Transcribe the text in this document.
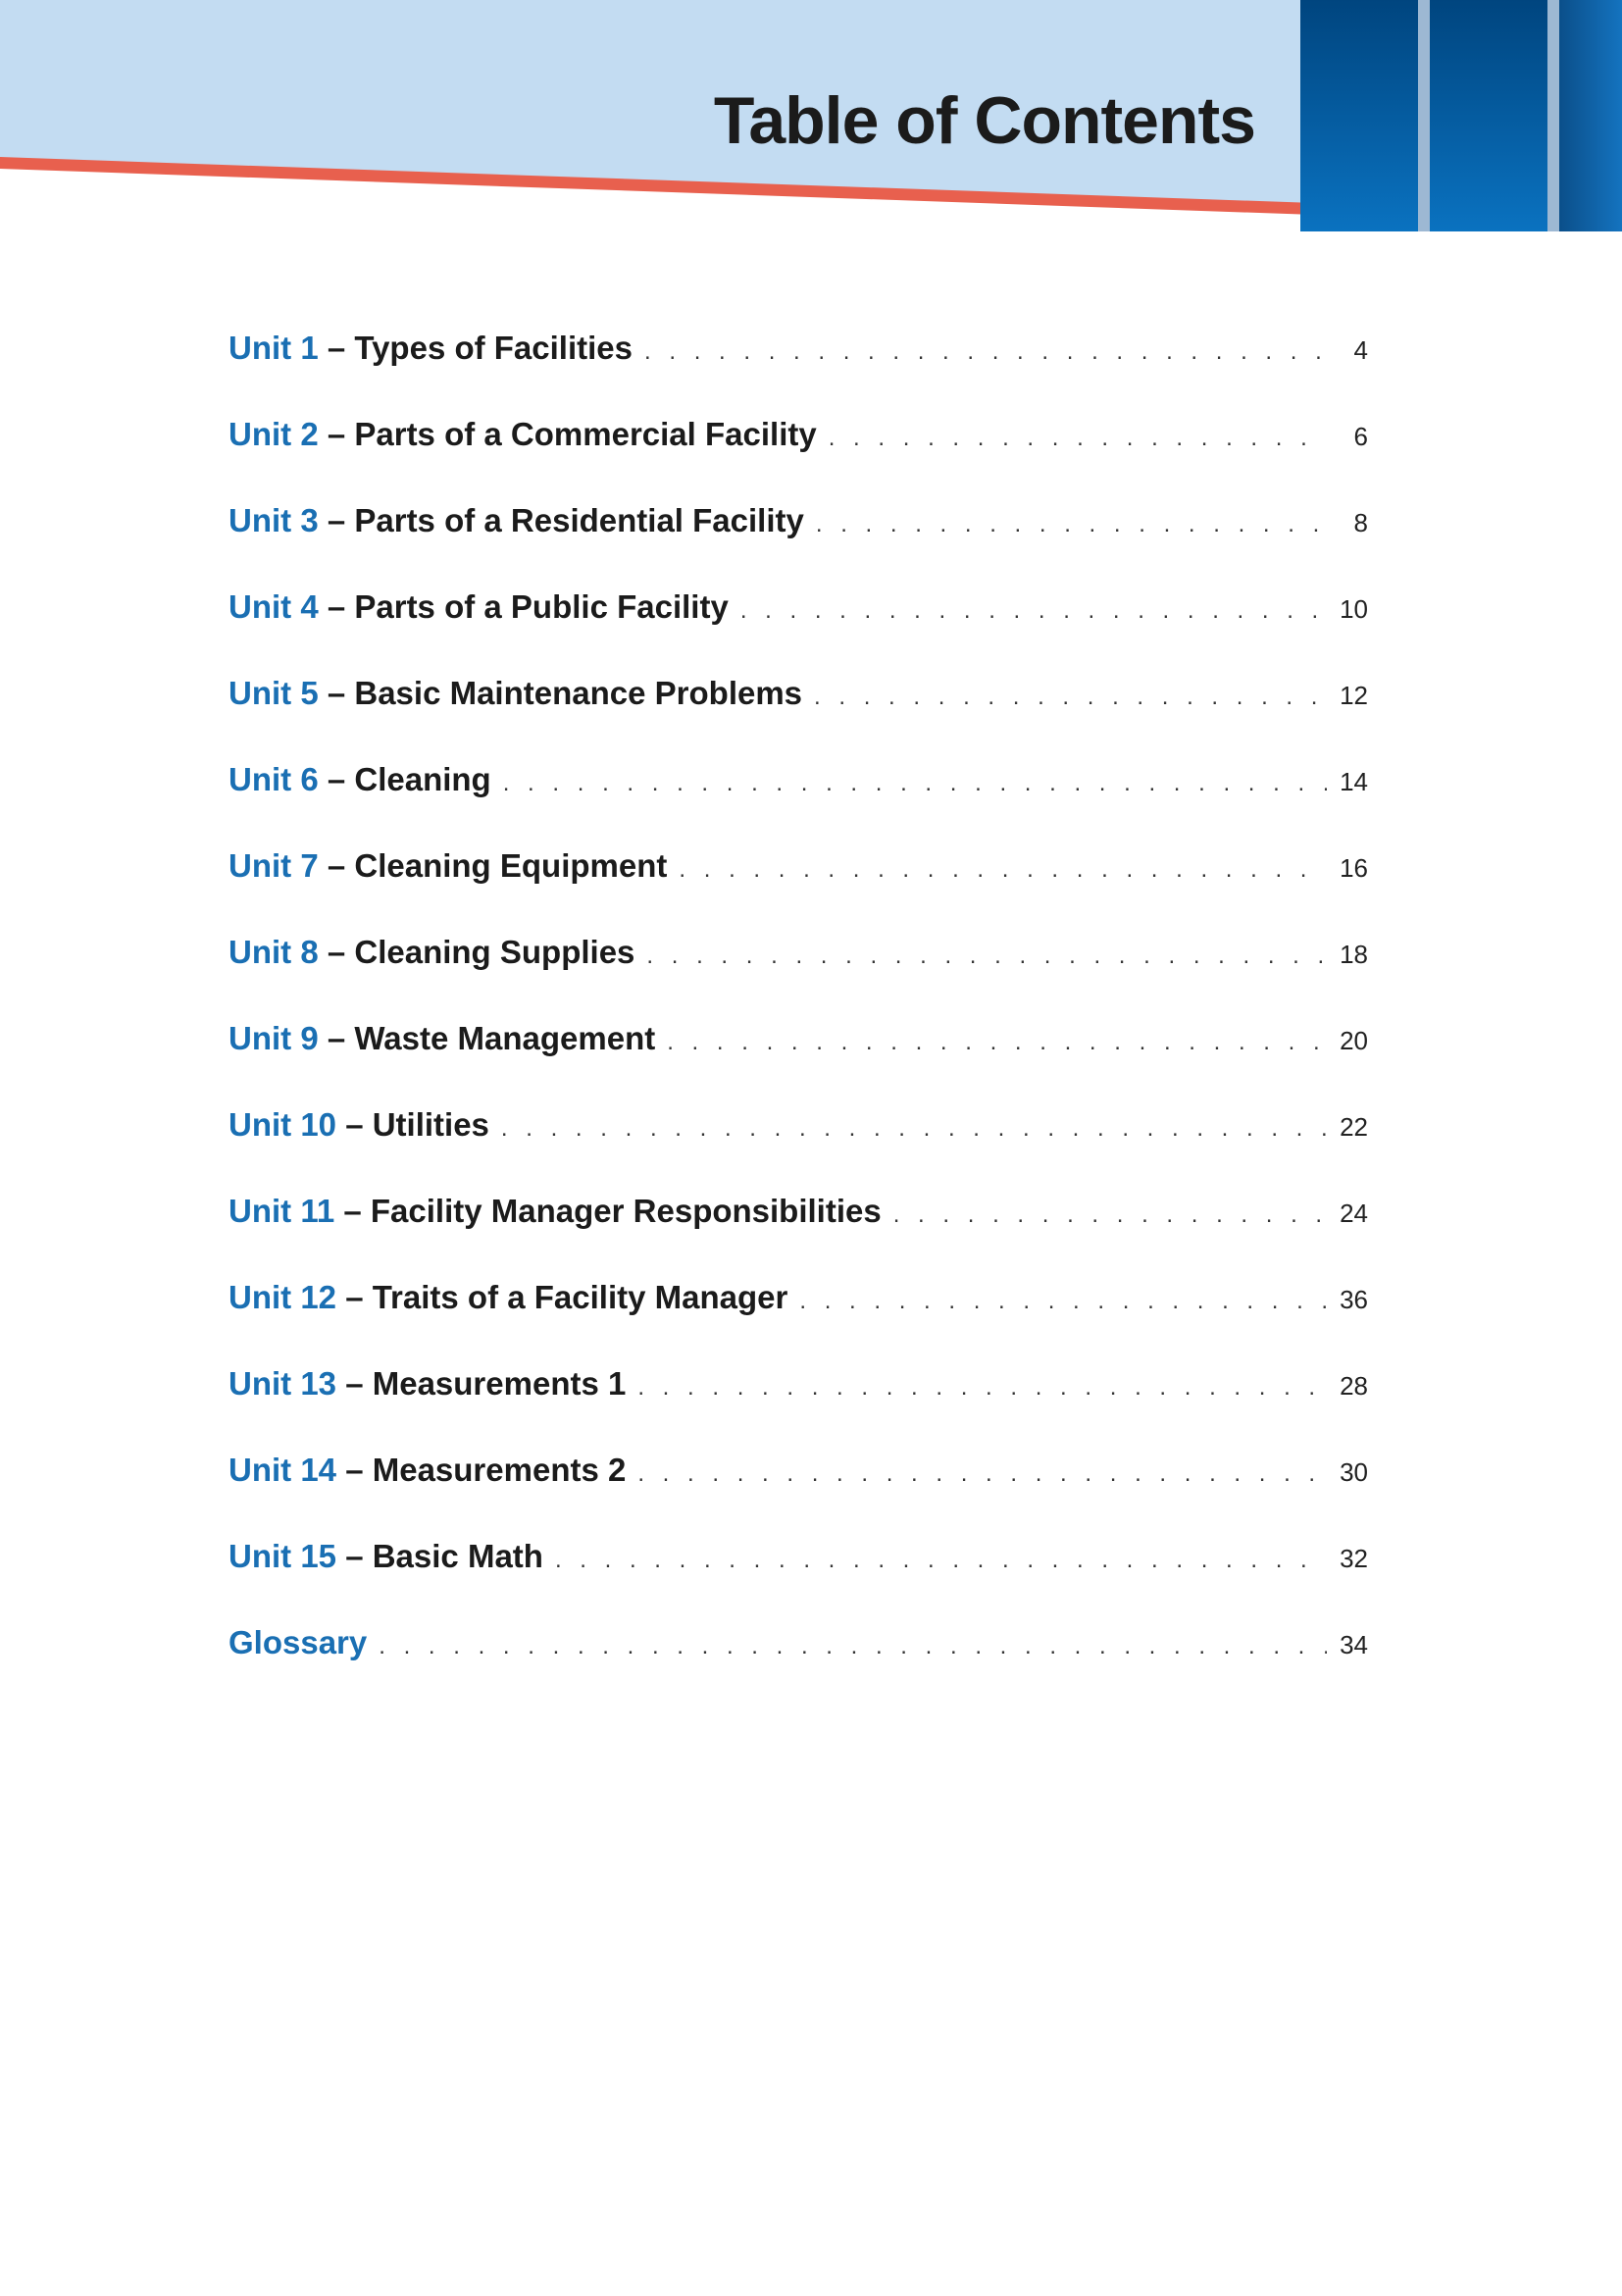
Table of Contents
Unit 1 – Types of Facilities . . .	4
Unit 2 – Parts of a Commercial Facility . . .	6
Unit 3 – Parts of a Residential Facility . . .	8
Unit 4 – Parts of a Public Facility . . .	10
Unit 5 – Basic Maintenance Problems . . .	12
Unit 6 – Cleaning . . .	14
Unit 7 – Cleaning Equipment . . .	16
Unit 8 – Cleaning Supplies . . .	18
Unit 9 – Waste Management . . .	20
Unit 10 – Utilities . . .	22
Unit 11 – Facility Manager Responsibilities . . .	24
Unit 12 – Traits of a Facility Manager . . .	36
Unit 13 – Measurements 1 . . .	28
Unit 14 – Measurements 2 . . .	30
Unit 15 – Basic Math . . .	32
Glossary . . .	34
